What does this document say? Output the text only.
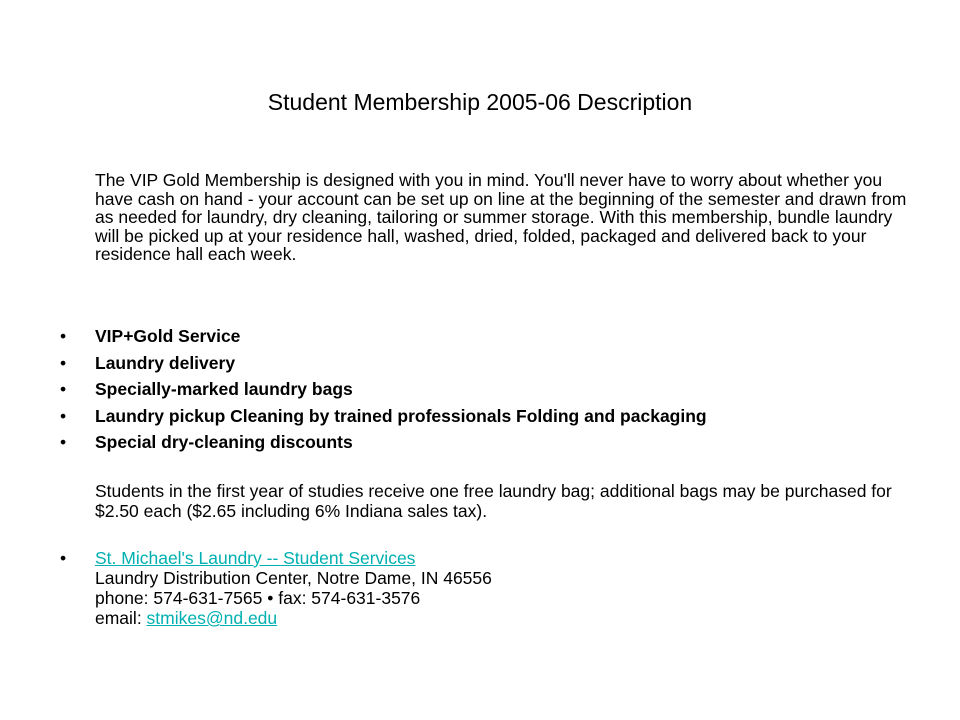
Student Membership 2005-06 Description

The VIP Gold Membership is designed with you in mind. You'll never have to worry about whether you have cash on hand - your account can be set up on line at the beginning of the semester and drawn from as needed for laundry, dry cleaning, tailoring or summer storage. With this membership, bundle laundry will be picked up at your residence hall, washed, dried, folded, packaged and delivered back to your residence hall each week.

• VIP+Gold Service
• Laundry delivery
• Specially-marked laundry bags
• Laundry pickup Cleaning by trained professionals Folding and packaging
• Special dry-cleaning discounts

Students in the first year of studies receive one free laundry bag; additional bags may be purchased for $2.50 each ($2.65 including 6% Indiana sales tax).

• St. Michael's Laundry -- Student Services
Laundry Distribution Center, Notre Dame, IN 46556
phone: 574-631-7565 • fax: 574-631-3576
email: stmikes@nd.edu
